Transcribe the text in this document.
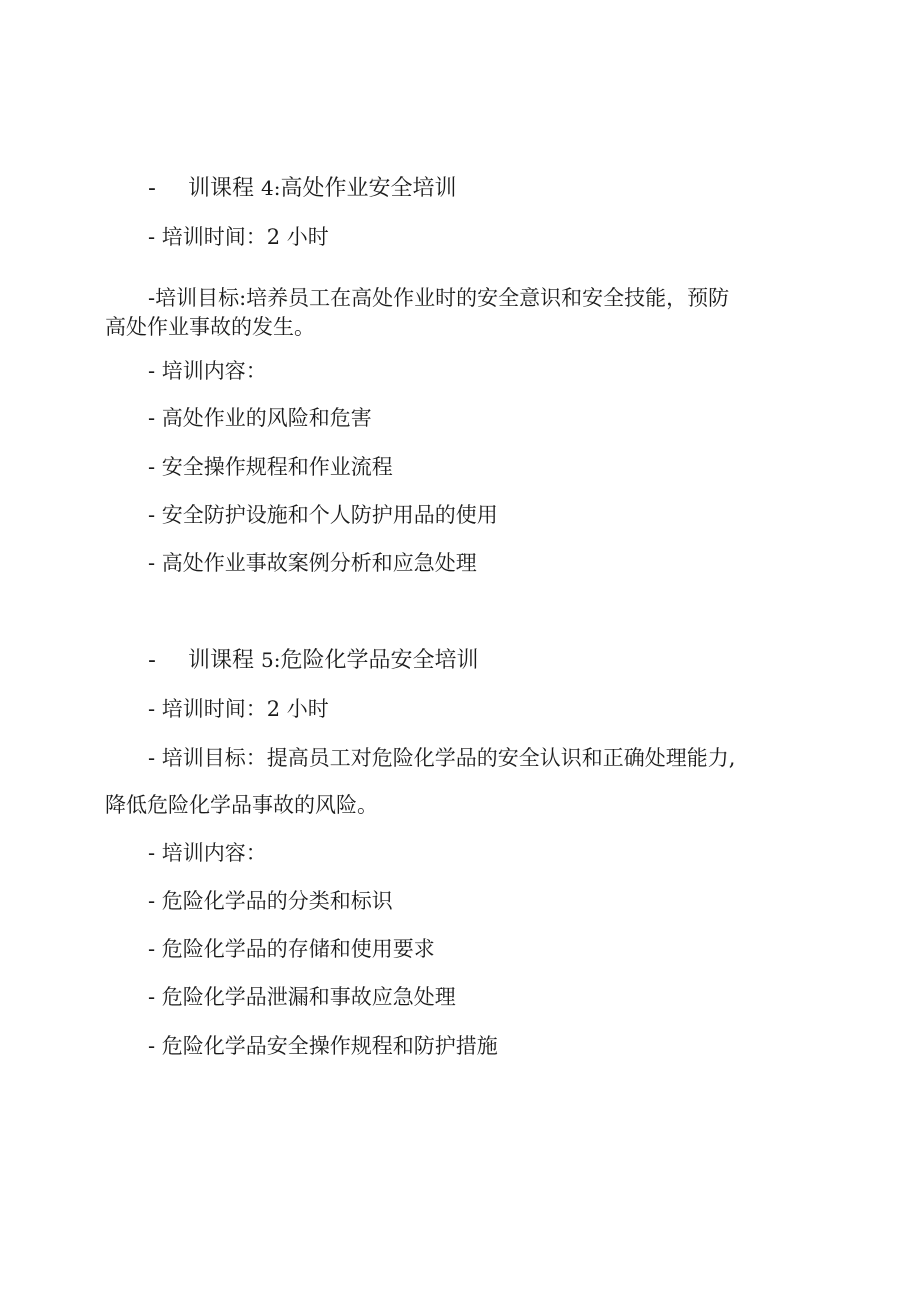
- 训课程 4:高处作业安全培训

- 培训时间：2 小时

-培训目标:培养员工在高处作业时的安全意识和安全技能，预防

高处作业事故的发生。

- 培训内容：

- 高处作业的风险和危害

- 安全操作规程和作业流程

- 安全防护设施和个人防护用品的使用

- 高处作业事故案例分析和应急处理

- 训课程 5:危险化学品安全培训

- 培训时间：2 小时

- 培训目标：提高员工对危险化学品的安全认识和正确处理能力,

降低危险化学品事故的风险。

- 培训内容：

- 危险化学品的分类和标识

- 危险化学品的存储和使用要求

- 危险化学品泄漏和事故应急处理

- 危险化学品安全操作规程和防护措施
